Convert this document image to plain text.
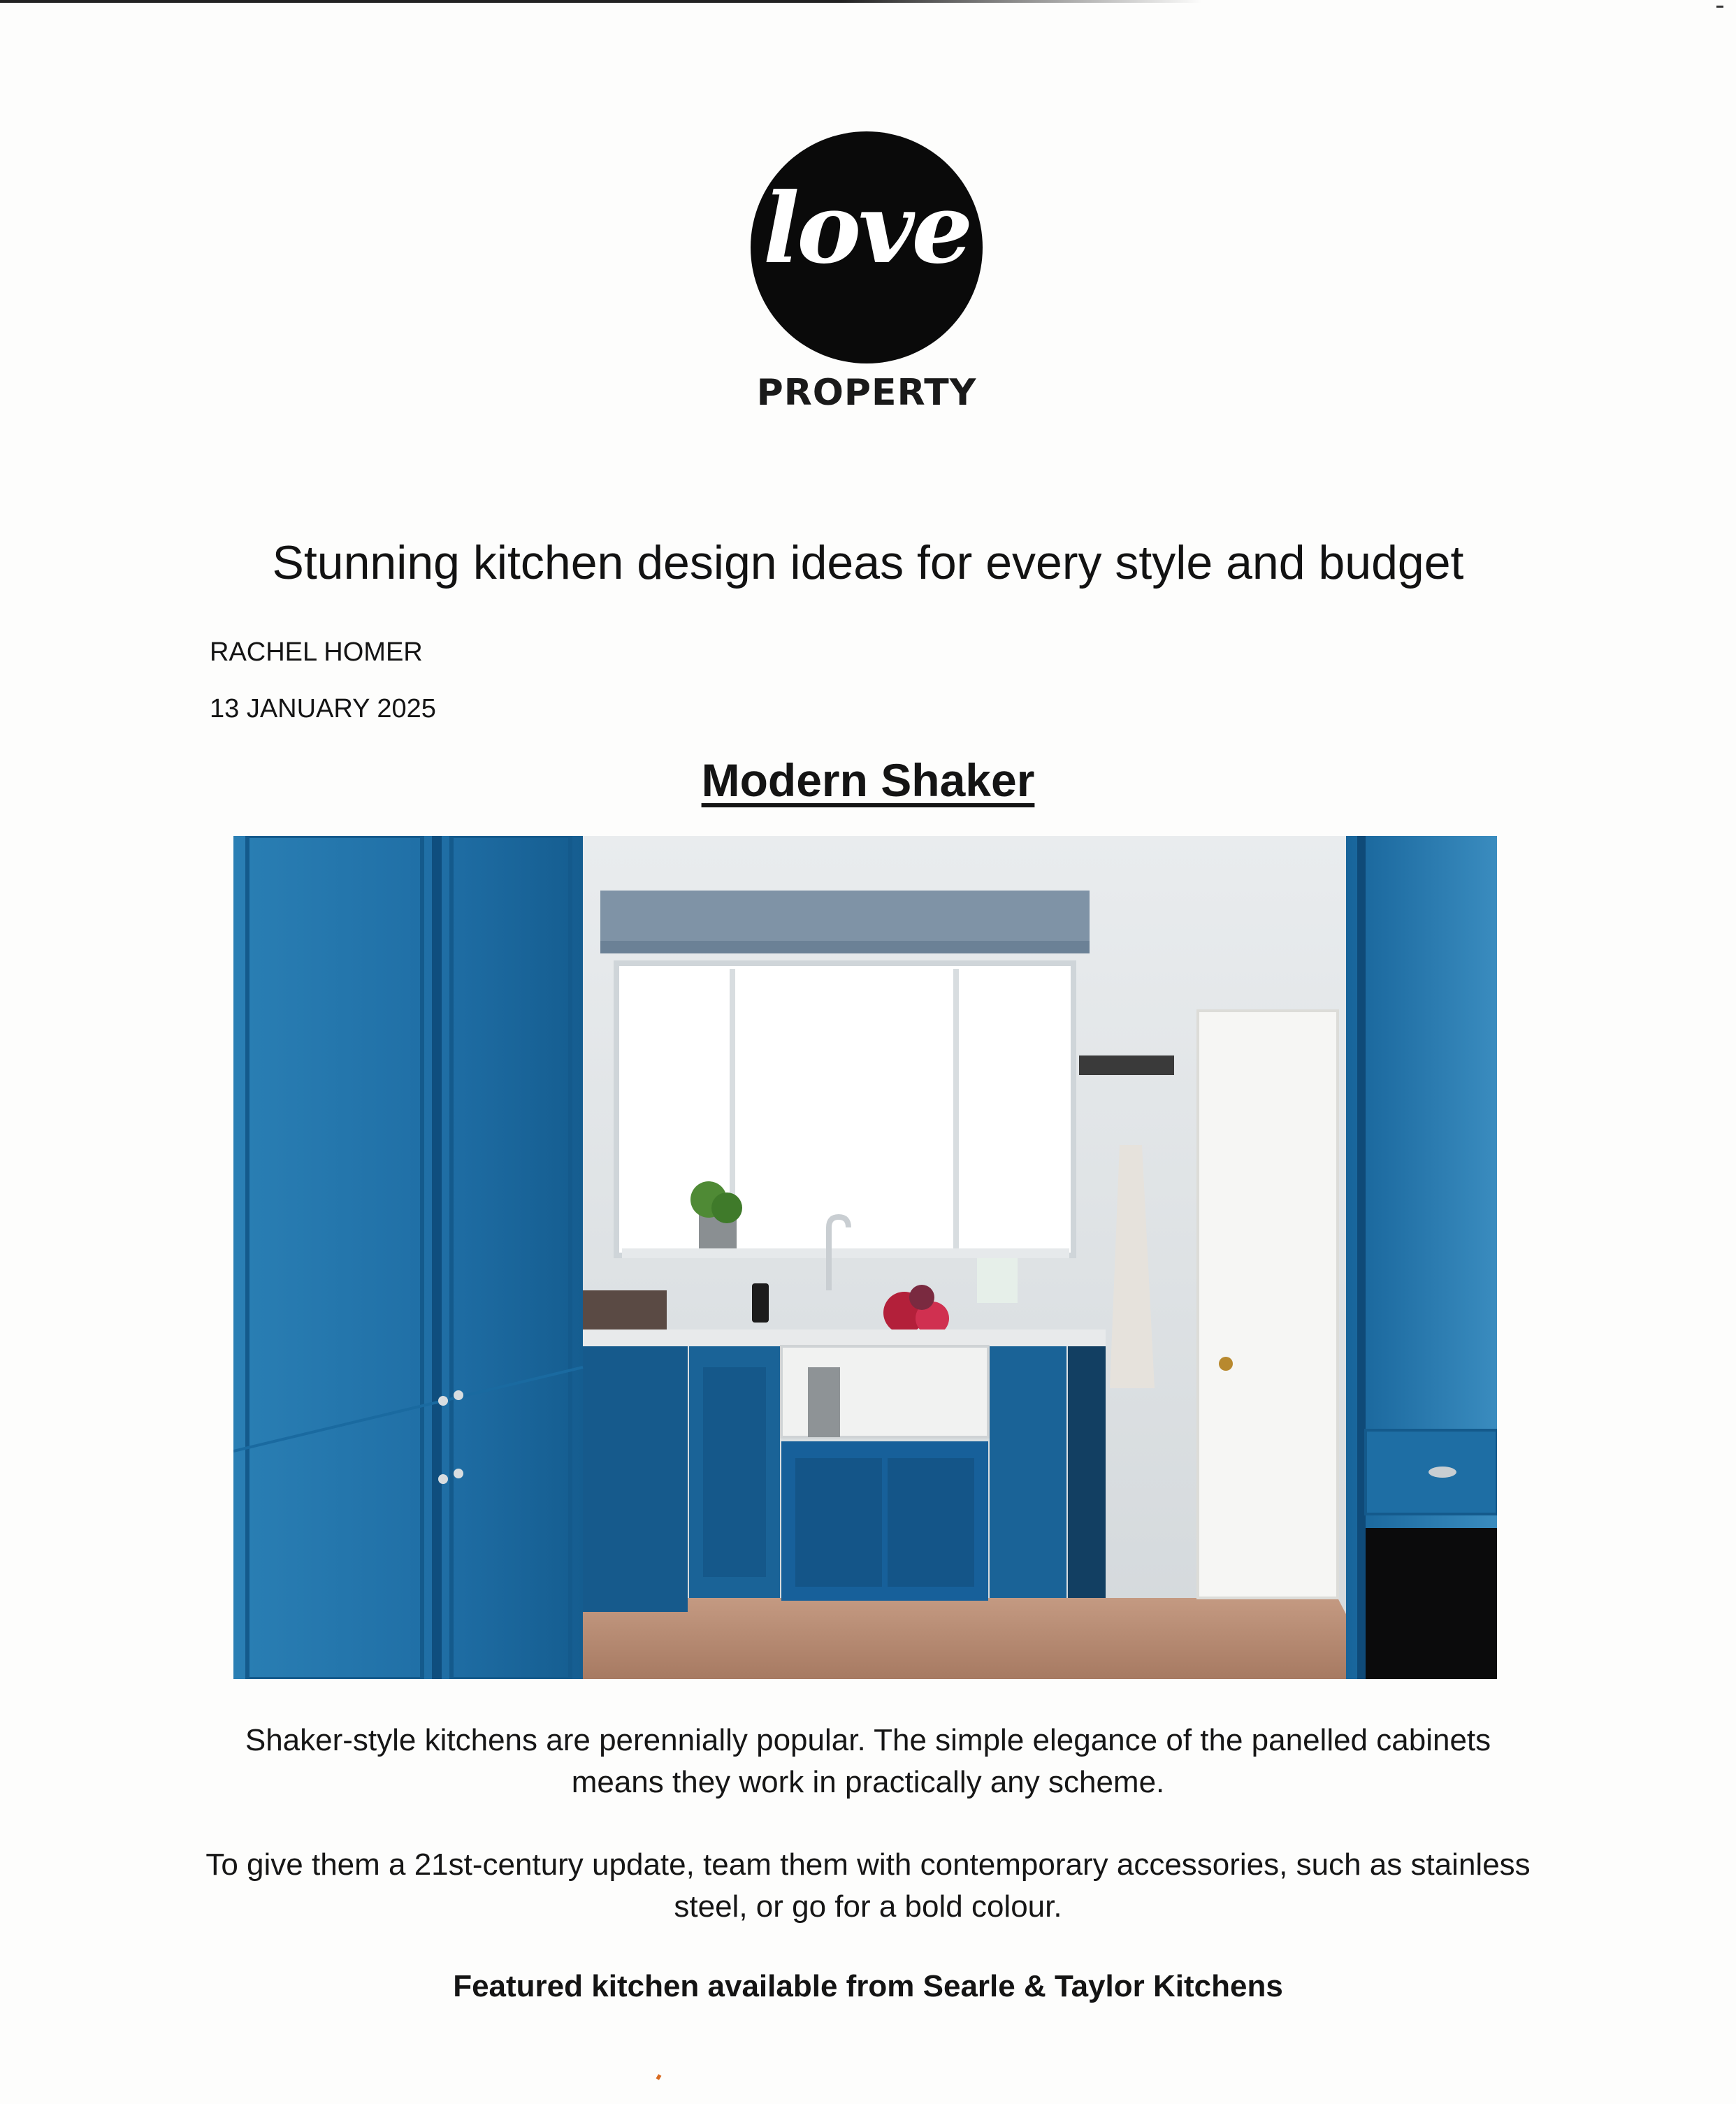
love
PROPERTY
Stunning kitchen design ideas for every style and budget

RACHEL HOMER

13 JANUARY 2025

Modern Shaker

Shaker-style kitchens are perennially popular. The simple elegance of the panelled cabinets means they work in practically any scheme.

To give them a 21st-century update, team them with contemporary accessories, such as stainless steel, or go for a bold colour.

Featured kitchen available from Searle & Taylor Kitchens
